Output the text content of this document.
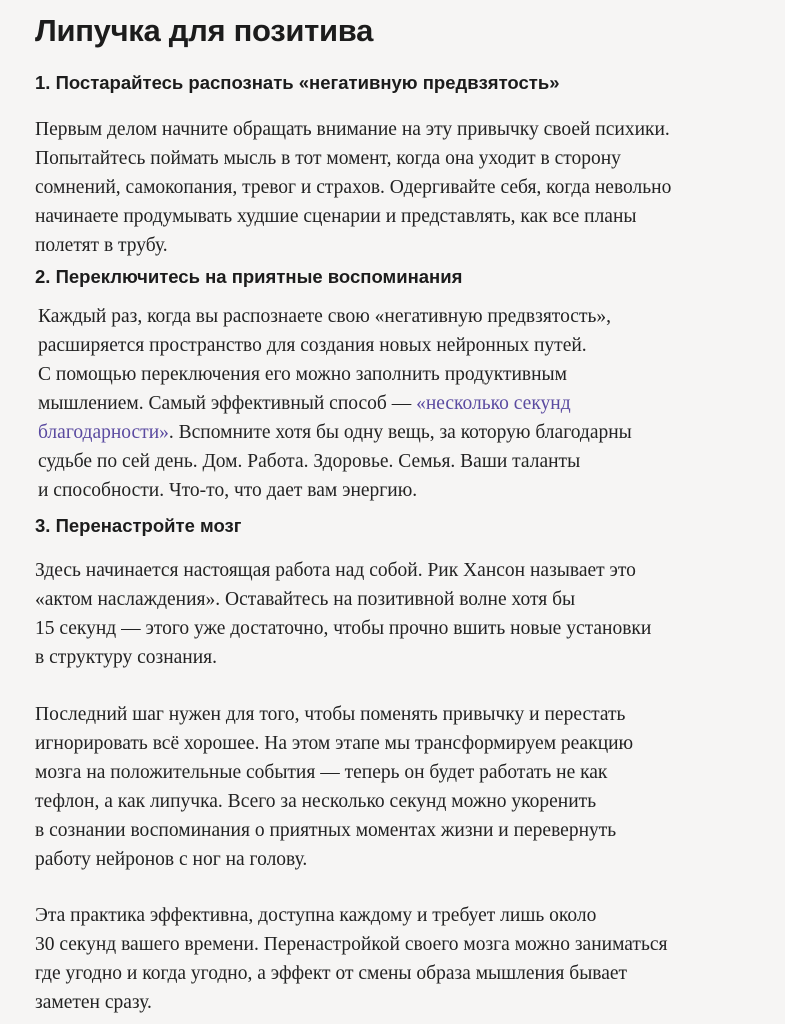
Липучка для позитива
1. Постарайтесь распознать «негативную предвзятость»

Первым делом начните обращать внимание на эту привычку своей психики.
Попытайтесь поймать мысль в тот момент, когда она уходит в сторону
сомнений, самокопания, тревог и страхов. Одергивайте себя, когда невольно
начинаете продумывать худшие сценарии и представлять, как все планы
полетят в трубу.

2. Переключитесь на приятные воспоминания

Каждый раз, когда вы распознаете свою «негативную предвзятость»,
расширяется пространство для создания новых нейронных путей.
С помощью переключения его можно заполнить продуктивным
мышлением. Самый эффективный способ — «несколько секунд
благодарности». Вспомните хотя бы одну вещь, за которую благодарны
судьбе по сей день. Дом. Работа. Здоровье. Семья. Ваши таланты
и способности. Что-то, что дает вам энергию.

3. Перенастройте мозг

Здесь начинается настоящая работа над собой. Рик Хансон называет это
«актом наслаждения». Оставайтесь на позитивной волне хотя бы
15 секунд — этого уже достаточно, чтобы прочно вшить новые установки
в структуру сознания.

Последний шаг нужен для того, чтобы поменять привычку и перестать
игнорировать всё хорошее. На этом этапе мы трансформируем реакцию
мозга на положительные события — теперь он будет работать не как
тефлон, а как липучка. Всего за несколько секунд можно укоренить
в сознании воспоминания о приятных моментах жизни и перевернуть
работу нейронов с ног на голову.

Эта практика эффективна, доступна каждому и требует лишь около
30 секунд вашего времени. Перенастройкой своего мозга можно заниматься
где угодно и когда угодно, а эффект от смены образа мышления бывает
заметен сразу.
